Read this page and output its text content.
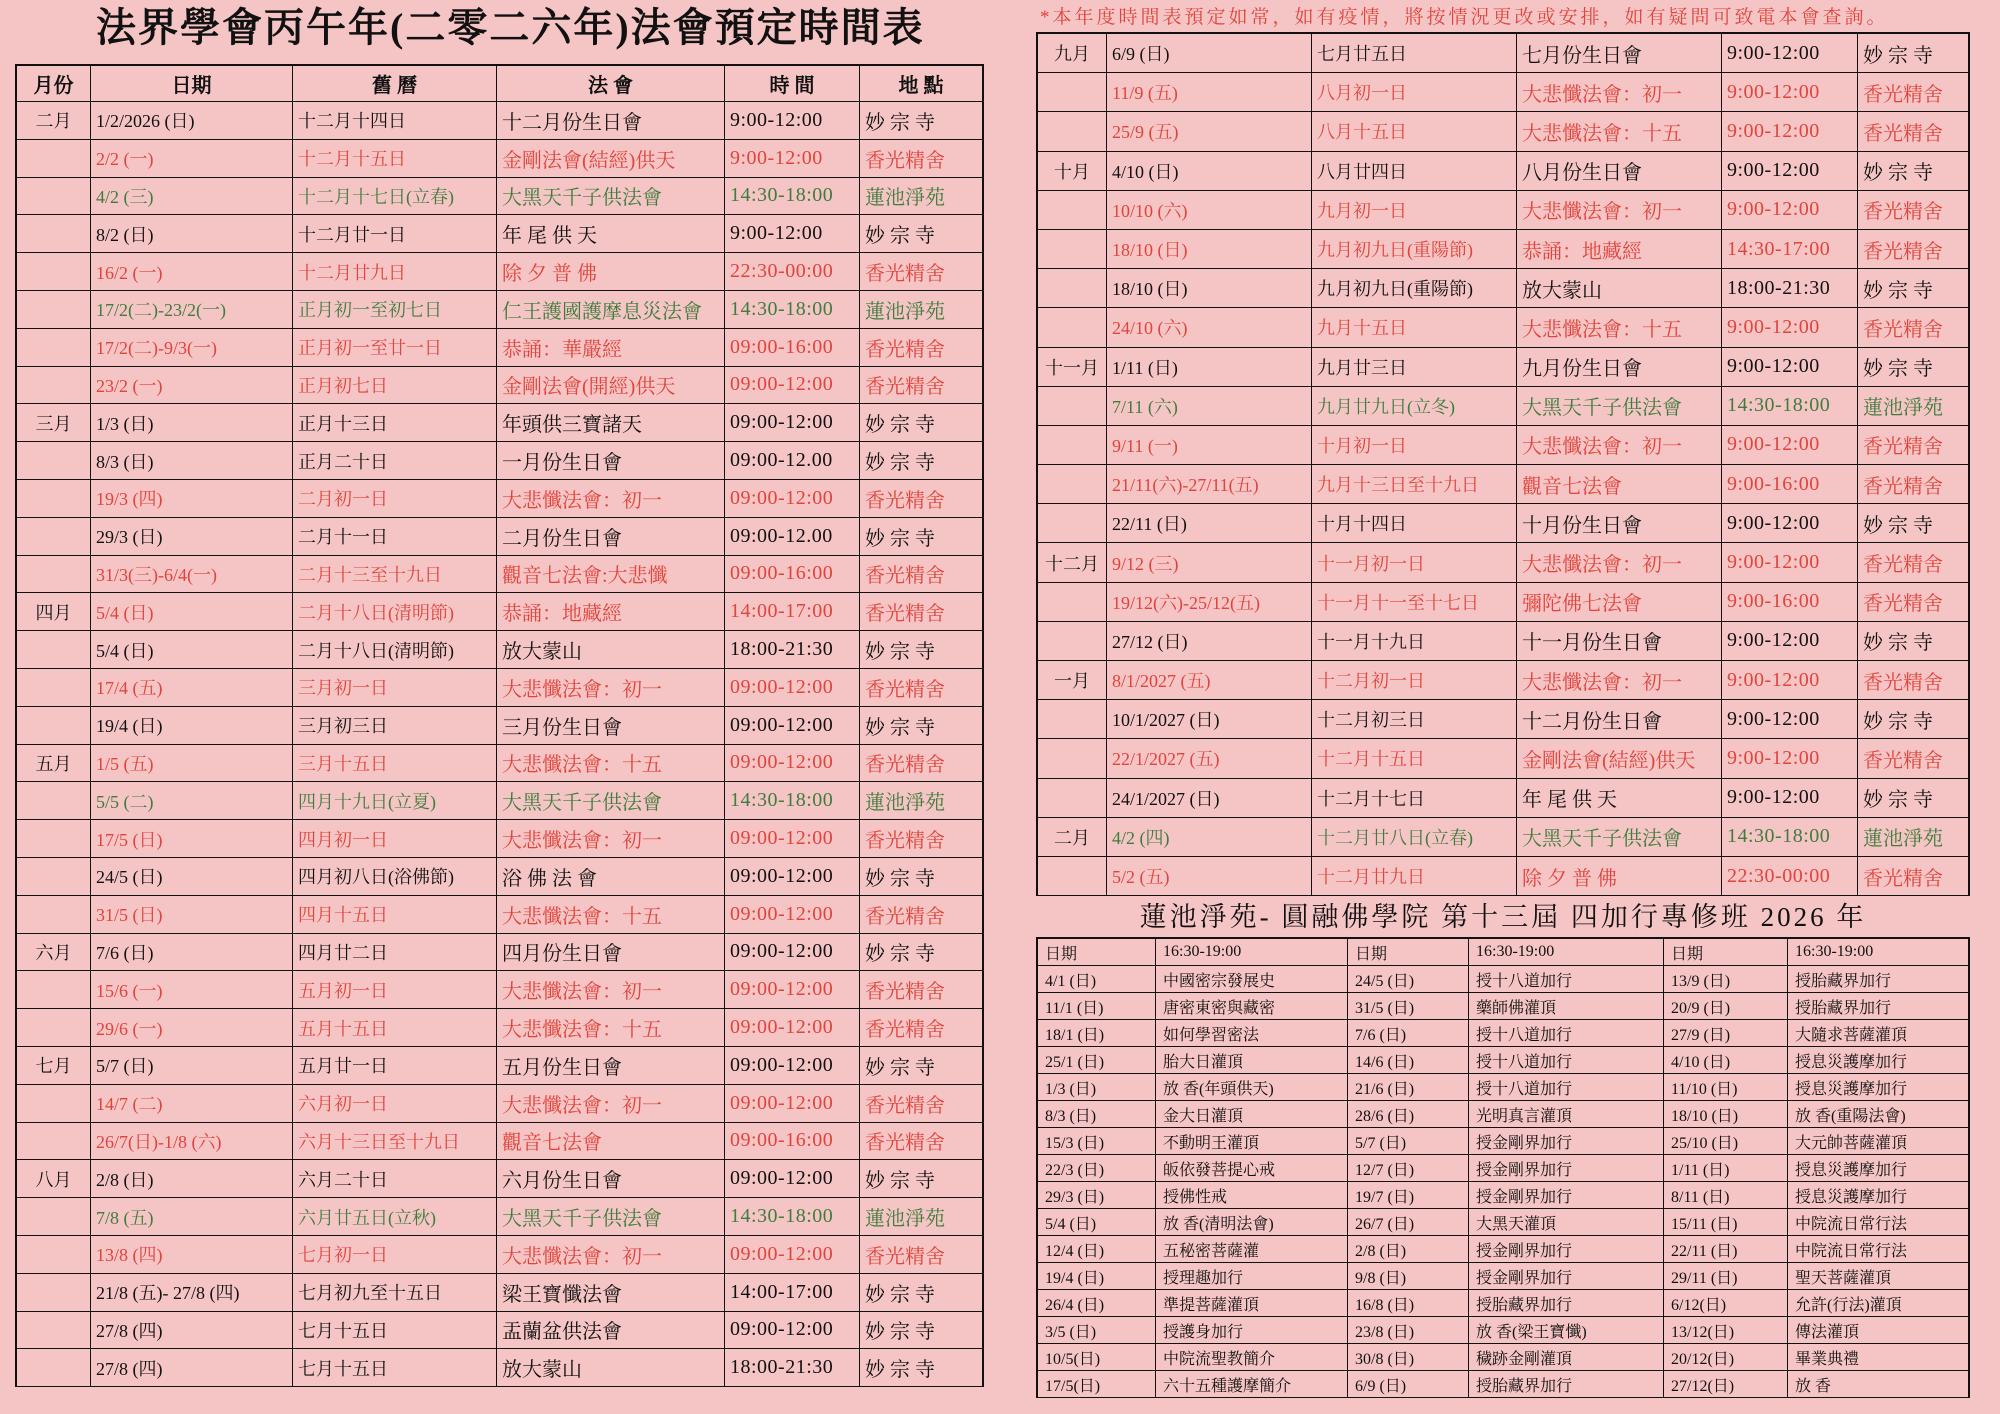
法界學會丙午年(二零二六年)法會預定時間表	*本年度時間表預定如常，如有疫情，將按情況更改或安排，如有疑問可致電本會查詢。
月份	日期	舊 曆	法 會	時 間	地 點
二月	1/2/2026 (日)	十二月十四日	十二月份生日會	9:00-12:00	妙 宗 寺
2/2 (一)	十二月十五日	金剛法會(結經)供天	9:00-12:00	香光精舍
4/2 (三)	十二月十七日(立春)	大黑天千子供法會	14:30-18:00	蓮池淨苑
8/2 (日)	十二月廿一日	年 尾 供 天	9:00-12:00	妙 宗 寺
16/2 (一)	十二月廿九日	除 夕 普 佛	22:30-00:00	香光精舍
17/2(二)-23/2(一)	正月初一至初七日	仁王護國護摩息災法會	14:30-18:00	蓮池淨苑
17/2(二)-9/3(一)	正月初一至廿一日	恭誦：華嚴經	09:00-16:00	香光精舍
23/2 (一)	正月初七日	金剛法會(開經)供天	09:00-12:00	香光精舍
三月	1/3 (日)	正月十三日	年頭供三寶諸天	09:00-12:00	妙 宗 寺
8/3 (日)	正月二十日	一月份生日會	09:00-12.00	妙 宗 寺
19/3 (四)	二月初一日	大悲懺法會：初一	09:00-12:00	香光精舍
29/3 (日)	二月十一日	二月份生日會	09:00-12.00	妙 宗 寺
31/3(三)-6/4(一)	二月十三至十九日	觀音七法會:大悲懺	09:00-16:00	香光精舍
四月	5/4 (日)	二月十八日(清明節)	恭誦：地藏經	14:00-17:00	香光精舍
5/4 (日)	二月十八日(清明節)	放大蒙山	18:00-21:30	妙 宗 寺
17/4 (五)	三月初一日	大悲懺法會：初一	09:00-12:00	香光精舍
19/4 (日)	三月初三日	三月份生日會	09:00-12:00	妙 宗 寺
五月	1/5 (五)	三月十五日	大悲懺法會：十五	09:00-12:00	香光精舍
5/5 (二)	四月十九日(立夏)	大黑天千子供法會	14:30-18:00	蓮池淨苑
17/5 (日)	四月初一日	大悲懺法會：初一	09:00-12:00	香光精舍
24/5 (日)	四月初八日(浴佛節)	浴 佛 法 會	09:00-12:00	妙 宗 寺
31/5 (日)	四月十五日	大悲懺法會：十五	09:00-12:00	香光精舍
六月	7/6 (日)	四月廿二日	四月份生日會	09:00-12:00	妙 宗 寺
15/6 (一)	五月初一日	大悲懺法會：初一	09:00-12:00	香光精舍
29/6 (一)	五月十五日	大悲懺法會：十五	09:00-12:00	香光精舍
七月	5/7 (日)	五月廿一日	五月份生日會	09:00-12:00	妙 宗 寺
14/7 (二)	六月初一日	大悲懺法會：初一	09:00-12:00	香光精舍
26/7(日)-1/8 (六)	六月十三日至十九日	觀音七法會	09:00-16:00	香光精舍
八月	2/8 (日)	六月二十日	六月份生日會	09:00-12:00	妙 宗 寺
7/8 (五)	六月廿五日(立秋)	大黑天千子供法會	14:30-18:00	蓮池淨苑
13/8 (四)	七月初一日	大悲懺法會：初一	09:00-12:00	香光精舍
21/8 (五)- 27/8 (四)	七月初九至十五日	梁王寶懺法會	14:00-17:00	妙 宗 寺
27/8 (四)	七月十五日	盂蘭盆供法會	09:00-12:00	妙 宗 寺
27/8 (四)	七月十五日	放大蒙山	18:00-21:30	妙 宗 寺
九月	6/9 (日)	七月廿五日	七月份生日會	9:00-12:00	妙 宗 寺
11/9 (五)	八月初一日	大悲懺法會：初一	9:00-12:00	香光精舍
25/9 (五)	八月十五日	大悲懺法會：十五	9:00-12:00	香光精舍
十月	4/10 (日)	八月廿四日	八月份生日會	9:00-12:00	妙 宗 寺
10/10 (六)	九月初一日	大悲懺法會：初一	9:00-12:00	香光精舍
18/10 (日)	九月初九日(重陽節)	恭誦：地藏經	14:30-17:00	香光精舍
18/10 (日)	九月初九日(重陽節)	放大蒙山	18:00-21:30	妙 宗 寺
24/10 (六)	九月十五日	大悲懺法會：十五	9:00-12:00	香光精舍
十一月 1/11 (日)	九月廿三日	九月份生日會	9:00-12:00	妙 宗 寺
7/11 (六)	九月廿九日(立冬)	大黑天千子供法會	14:30-18:00	蓮池淨苑
9/11 (一)	十月初一日	大悲懺法會：初一	9:00-12:00	香光精舍
21/11(六)-27/11(五)	九月十三日至十九日	觀音七法會	9:00-16:00	香光精舍
22/11 (日)	十月十四日	十月份生日會	9:00-12:00	妙 宗 寺
十二月 9/12 (三)	十一月初一日	大悲懺法會：初一	9:00-12:00	香光精舍
19/12(六)-25/12(五)	十一月十一至十七日	彌陀佛七法會	9:00-16:00	香光精舍
27/12 (日)	十一月十九日	十一月份生日會	9:00-12:00	妙 宗 寺
一月	8/1/2027 (五)	十二月初一日	大悲懺法會：初一	9:00-12:00	香光精舍
10/1/2027 (日)	十二月初三日	十二月份生日會	9:00-12:00	妙 宗 寺
22/1/2027 (五)	十二月十五日	金剛法會(結經)供天	9:00-12:00	香光精舍
24/1/2027 (日)	十二月十七日	年 尾 供 天	9:00-12:00	妙 宗 寺
二月	4/2 (四)	十二月廿八日(立春)	大黑天千子供法會	14:30-18:00	蓮池淨苑
5/2 (五)	十二月廿九日	除 夕 普 佛	22:30-00:00	香光精舍
蓮池淨苑- 圓融佛學院 第十三屆 四加行專修班 2026 年
日期	16:30-19:00	日期	16:30-19:00	日期	16:30-19:00
4/1 (日)	中國密宗發展史	24/5 (日)	授十八道加行	13/9 (日)	授胎藏界加行
11/1 (日)	唐密東密與藏密	31/5 (日)	藥師佛灌頂	20/9 (日)	授胎藏界加行
18/1 (日)	如何學習密法	7/6 (日)	授十八道加行	27/9 (日)	大隨求菩薩灌頂
25/1 (日)	胎大日灌頂	14/6 (日)	授十八道加行	4/10 (日)	授息災護摩加行
1/3 (日)	放 香(年頭供天)	21/6 (日)	授十八道加行	11/10 (日)	授息災護摩加行
8/3 (日)	金大日灌頂	28/6 (日)	光明真言灌頂	18/10 (日)	放 香(重陽法會)
15/3 (日)	不動明王灌頂	5/7 (日)	授金剛界加行	25/10 (日)	大元帥菩薩灌頂
22/3 (日)	皈依發菩提心戒	12/7 (日)	授金剛界加行	1/11 (日)	授息災護摩加行
29/3 (日)	授佛性戒	19/7 (日)	授金剛界加行	8/11 (日)	授息災護摩加行
5/4 (日)	放 香(清明法會)	26/7 (日)	大黑天灌頂	15/11 (日)	中院流日常行法
12/4 (日)	五秘密菩薩灌	2/8 (日)	授金剛界加行	22/11 (日)	中院流日常行法
19/4 (日)	授理趣加行	9/8 (日)	授金剛界加行	29/11 (日)	聖天菩薩灌頂
26/4 (日)	準提菩薩灌頂	16/8 (日)	授胎藏界加行	6/12(日)	允許(行法)灌頂
3/5 (日)	授護身加行	23/8 (日)	放 香(梁王寶懺)	13/12(日)	傳法灌頂
10/5(日)	中院流聖教簡介	30/8 (日)	穢跡金剛灌頂	20/12(日)	畢業典禮
17/5(日)	六十五種護摩簡介	6/9 (日)	授胎藏界加行	27/12(日)	放 香
